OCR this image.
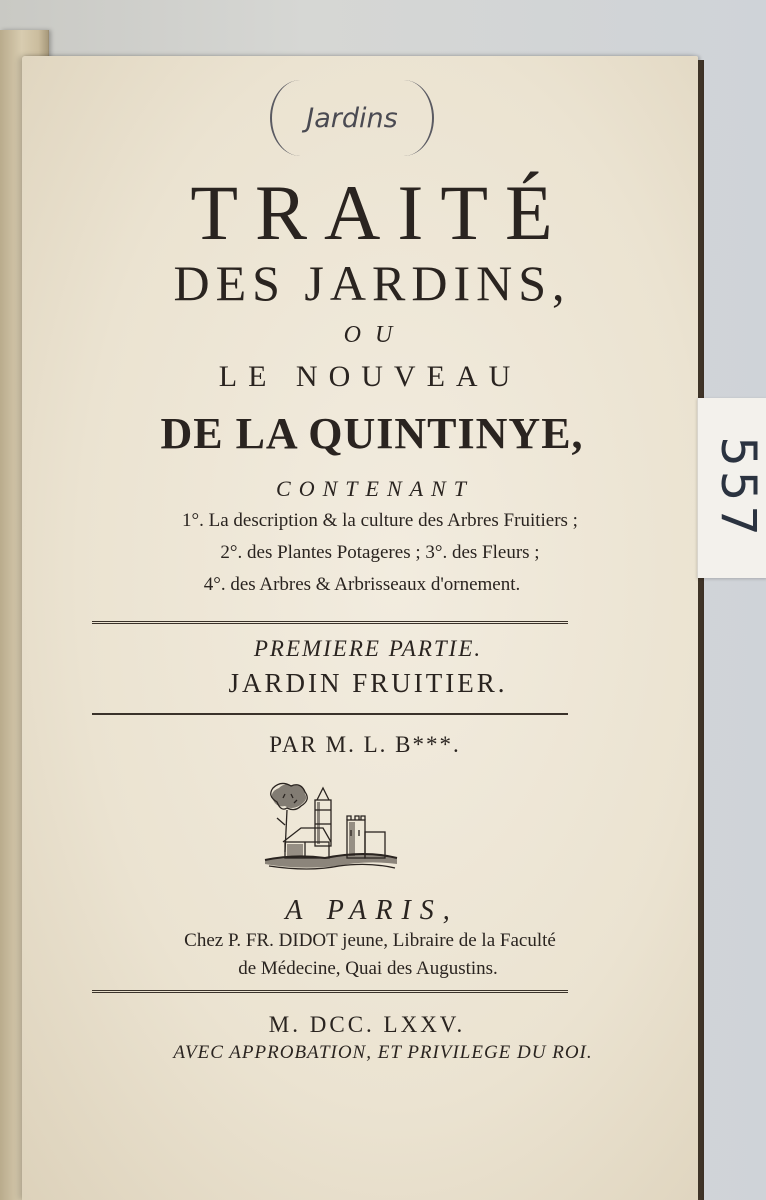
557
Jardins
TRAITÉ
DES JARDINS,
OU
LE NOUVEAU
DE LA QUINTINYE,
CONTENANT
1°. La description & la culture des Arbres Fruitiers ;
2°. des Plantes Potageres ; 3°. des Fleurs ;
4°. des Arbres & Arbrisseaux d'ornement.
PREMIERE PARTIE.
JARDIN FRUITIER.
PAR M. L. B***.
A PARIS,
Chez P. FR. DIDOT jeune, Libraire de la Faculté
de Médecine, Quai des Augustins.
M. DCC. LXXV.
AVEC APPROBATION, ET PRIVILEGE DU ROI.
